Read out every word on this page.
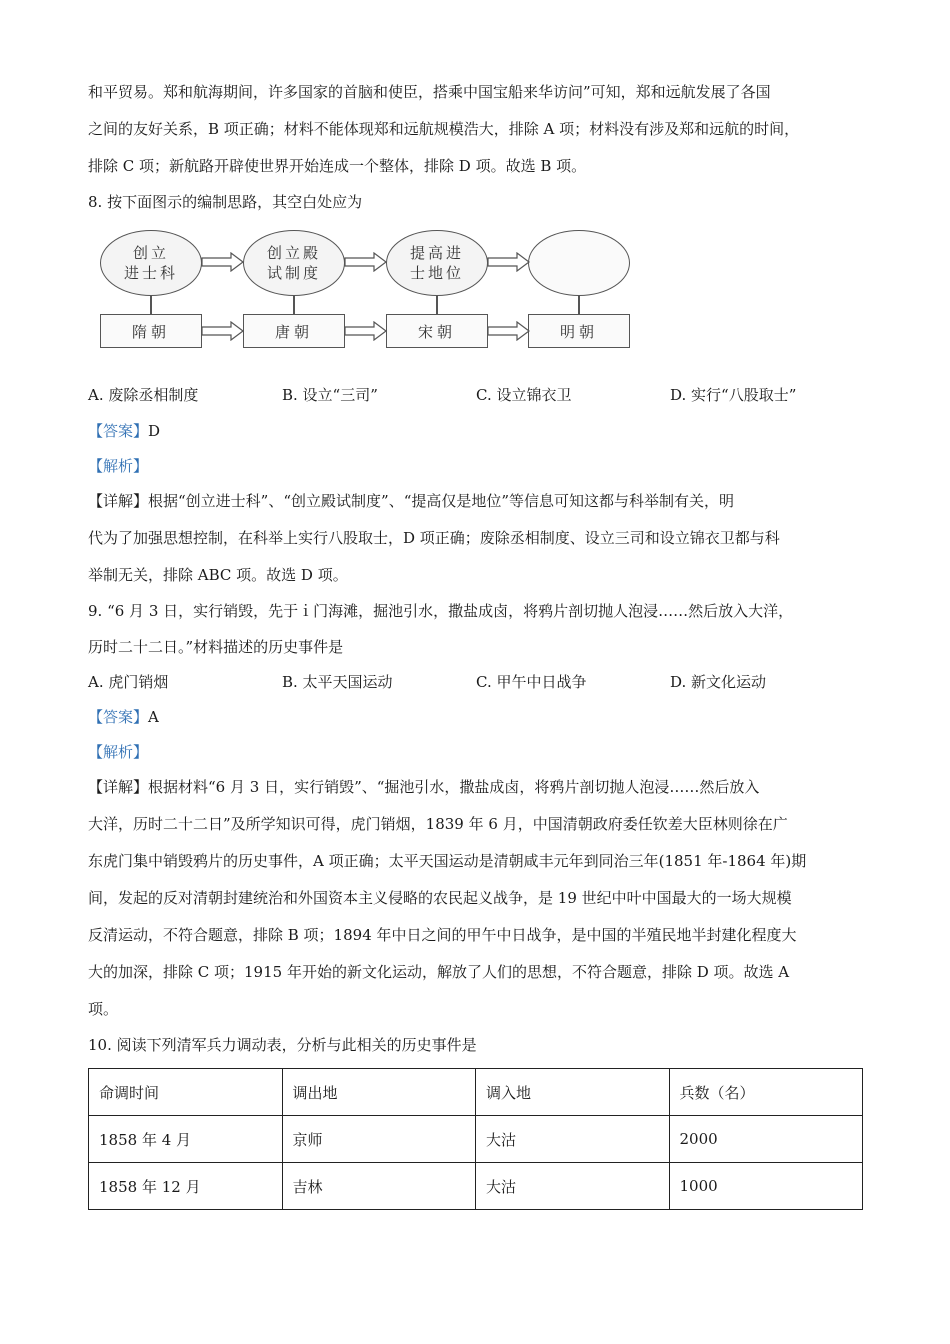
和平贸易。郑和航海期间，许多国家的首脑和使臣，搭乘中国宝船来华访问”可知，郑和远航发展了各国
之间的友好关系，B 项正确；材料不能体现郑和远航规模浩大，排除 A 项；材料没有涉及郑和远航的时间，
排除 C 项；新航路开辟使世界开始连成一个整体，排除 D 项。故选 B 项。
8. 按下面图示的编制思路，其空白处应为
创立
进士科
创立殿
试制度
提高进
士地位
隋朝	唐朝	宋朝	明朝
A. 废除丞相制度	B. 设立“三司”	C. 设立锦衣卫	D. 实行“八股取士”
【答案】D
【解析】
【详解】根据“创立进士科”、“创立殿试制度”、“提高仅是地位”等信息可知这都与科举制有关，明
代为了加强思想控制，在科举上实行八股取士，D 项正确；废除丞相制度、设立三司和设立锦衣卫都与科
举制无关，排除 ABC 项。故选 D 项。
9. “6 月 3 日，实行销毁，先于ｉ门海滩，掘池引水，撒盐成卤，将鸦片剖切抛人泡浸……然后放入大洋，
历时二十二日。”材料描述的历史事件是
A. 虎门销烟	B. 太平天国运动	C. 甲午中日战争	D. 新文化运动
【答案】A
【解析】
【详解】根据材料“6 月 3 日，实行销毁”、“掘池引水，撒盐成卤，将鸦片剖切抛人泡浸……然后放入
大洋，历时二十二日”及所学知识可得，虎门销烟，1839 年 6 月，中国清朝政府委任钦差大臣林则徐在广
东虎门集中销毁鸦片的历史事件，A 项正确；太平天国运动是清朝咸丰元年到同治三年(1851 年-1864 年)期
间，发起的反对清朝封建统治和外国资本主义侵略的农民起义战争，是 19 世纪中叶中国最大的一场大规模
反清运动，不符合题意，排除 B 项；1894 年中日之间的甲午中日战争，是中国的半殖民地半封建化程度大
大的加深，排除 C 项；1915 年开始的新文化运动，解放了人们的思想，不符合题意，排除 D 项。故选 A
项。
10. 阅读下列清军兵力调动表，分析与此相关的历史事件是
命调时间	调出地	调入地	兵数（名）
1858 年 4 月	京师	大沽	2000
1858 年 12 月	吉林	大沽	1000
